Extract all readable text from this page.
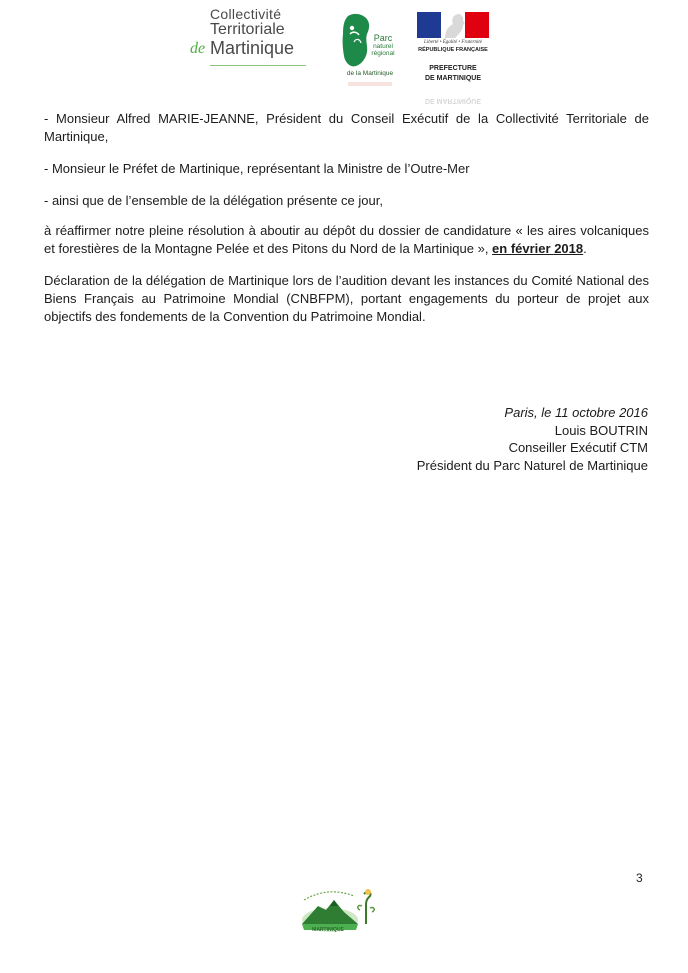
Collectivité
Territoriale
de Martinique	Parc
naturel
régional
de la Martinique
Liberté • Égalité • Fraternité
RÉPUBLIQUE FRANÇAISE
PREFECTURE
DE MARTINIQUE
DE MARTINIQUE

- Monsieur Alfred MARIE-JEANNE, Président du Conseil Exécutif de la Collectivité Territoriale de Martinique,

- Monsieur le Préfet de Martinique, représentant la Ministre de l’Outre-Mer

- ainsi que de l’ensemble de la délégation présente ce jour,

à réaffirmer notre pleine résolution à aboutir au dépôt du dossier de candidature « les aires volcaniques et forestières de la Montagne Pelée et des Pitons du Nord de la Martinique », en février 2018.

Déclaration de la délégation de Martinique lors de l’audition devant les instances du Comité National des Biens Français au Patrimoine Mondial (CNBFPM), portant engagements du porteur de projet aux objectifs des fondements de la Convention du Patrimoine Mondial.

Paris, le 11 octobre 2016
Louis BOUTRIN
Conseiller Exécutif CTM
Président du Parc Naturel de Martinique
3
MARTINIQUE
